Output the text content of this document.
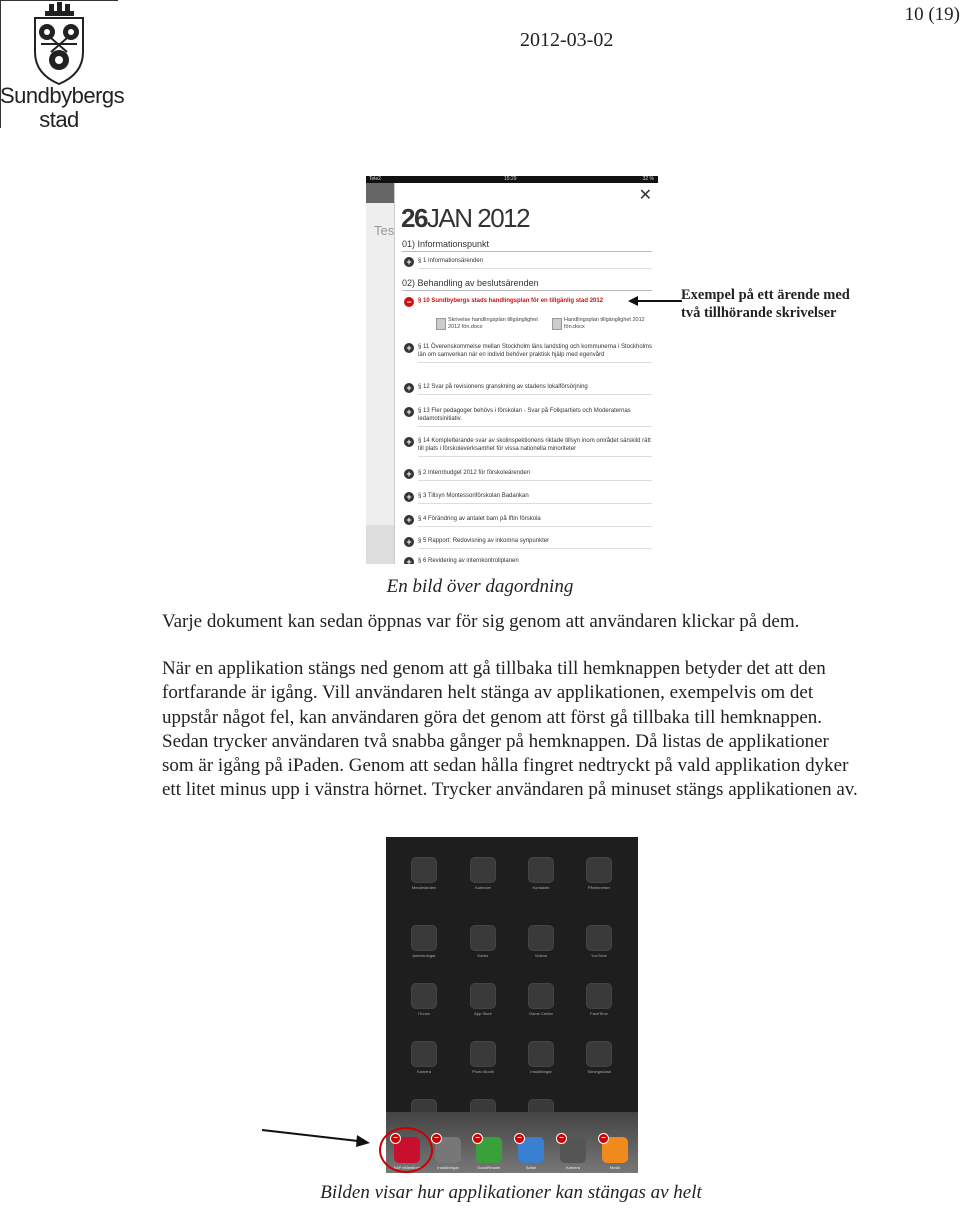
Sundbybergs
stad
10 (19)
2012-03-02
Tele2	15:29	32 %
Tes
✕
26JAN 2012
01) Informationspunkt
+	§ 1 Informationsärenden
02) Behandling av beslutsärenden
−	§ 10 Sundbybergs stads handlingsplan för en tillgänlig stad 2012
Skrivelse handlingsplan tillgänglighet 2012 fön.docx
Handlingsplan tillgänglighet 2012 fön.docx
+	§ 11 Överenskommelse mellan Stockholm läns landsting och kommunerna i Stockholms län om samverkan när en individ behöver praktisk hjälp med egenvård
+	§ 12 Svar på revisionens granskning av stadens lokalförsörjning
+	§ 13 Fler pedagoger behövs i förskolan - Svar på Folkpartiets och Moderaternas ledamotsinitiativ.
+	§ 14 Kompletterande svar av skolinspektionens riktade tillsyn inom området särskild rätt till plats i förskoleverksamhet för vissa nationella minoriteter
+	§ 2 Internbudget 2012 för förskoleärenden
+	§ 3 Tillsyn Montessoriförskolan Badankan
+	§ 4 Förändring av antalet barn på Iftin förskola
+	§ 5 Rapport: Redovisning av inkomna synpunkter
+	§ 6 Revidering av internkontrollplanen
Exempel på ett ärende med
två tillhörande skrivelser
En bild över dagordning
Varje dokument kan sedan öppnas var för sig genom att användaren klickar på dem.
När en applikation stängs ned genom att gå tillbaka till hemknappen betyder det att den fortfarande är igång. Vill användaren helt stänga av applikationen, exempelvis om det uppstår något fel, kan användaren göra det genom att först gå tillbaka till hemknappen. Sedan trycker användaren två snabba gånger på hemknappen. Då listas de applikationer som är igång på iPaden. Genom att sedan hålla fingret nedtryckt på vald applikation dyker ett litet minus upp i vänstra hörnet. Trycker användaren på minuset stängs applikationen av.
Meddelanden	Kalender	Kontakter	Påminnelser
Anteckningar	Kartor	Videos	YouTube
iTunes	App Store	Game Center	FaceTime
Kamera	Photo Booth	Inställningar	Tidningskiosk
−
3i4P eMeetings
−
Inställningar
−
GoodReader
−
Safari
−
Kamera
−
Musik
Bilden visar hur applikationer kan stängas av helt
